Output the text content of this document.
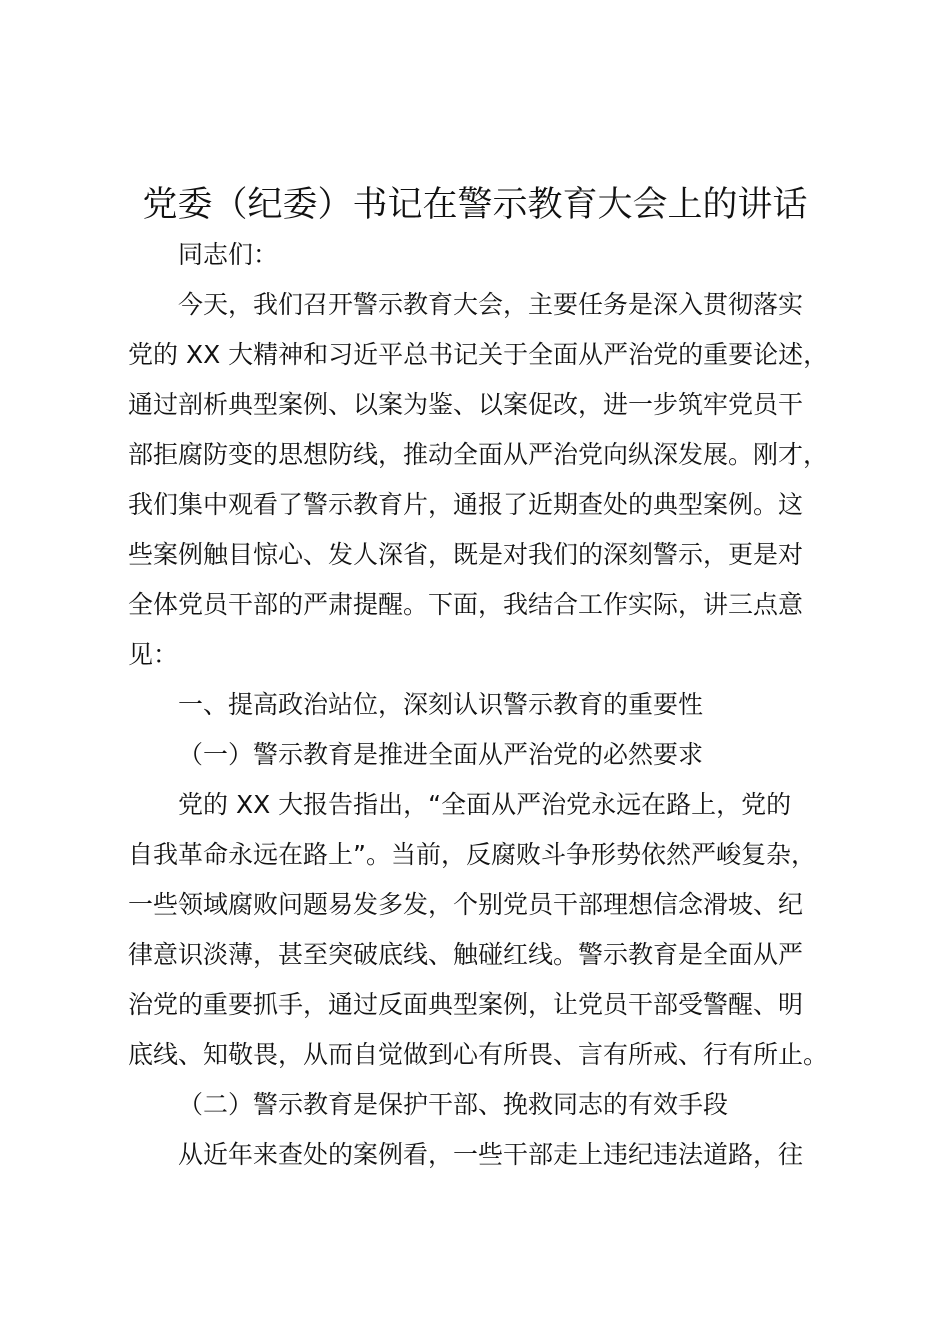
党委（纪委）书记在警示教育大会上的讲话
同志们：
今天，我们召开警示教育大会，主要任务是深入贯彻落实
党的 XX 大精神和习近平总书记关于全面从严治党的重要论述，
通过剖析典型案例、以案为鉴、以案促改，进一步筑牢党员干
部拒腐防变的思想防线，推动全面从严治党向纵深发展。刚才，
我们集中观看了警示教育片，通报了近期查处的典型案例。这
些案例触目惊心、发人深省，既是对我们的深刻警示，更是对
全体党员干部的严肃提醒。下面，我结合工作实际，讲三点意
见：
一、提高政治站位，深刻认识警示教育的重要性
（一）警示教育是推进全面从严治党的必然要求
党的 XX 大报告指出，“全面从严治党永远在路上，党的
自我革命永远在路上”。当前，反腐败斗争形势依然严峻复杂，
一些领域腐败问题易发多发，个别党员干部理想信念滑坡、纪
律意识淡薄，甚至突破底线、触碰红线。警示教育是全面从严
治党的重要抓手，通过反面典型案例，让党员干部受警醒、明
底线、知敬畏，从而自觉做到心有所畏、言有所戒、行有所止。
（二）警示教育是保护干部、挽救同志的有效手段
从近年来查处的案例看，一些干部走上违纪违法道路，往
